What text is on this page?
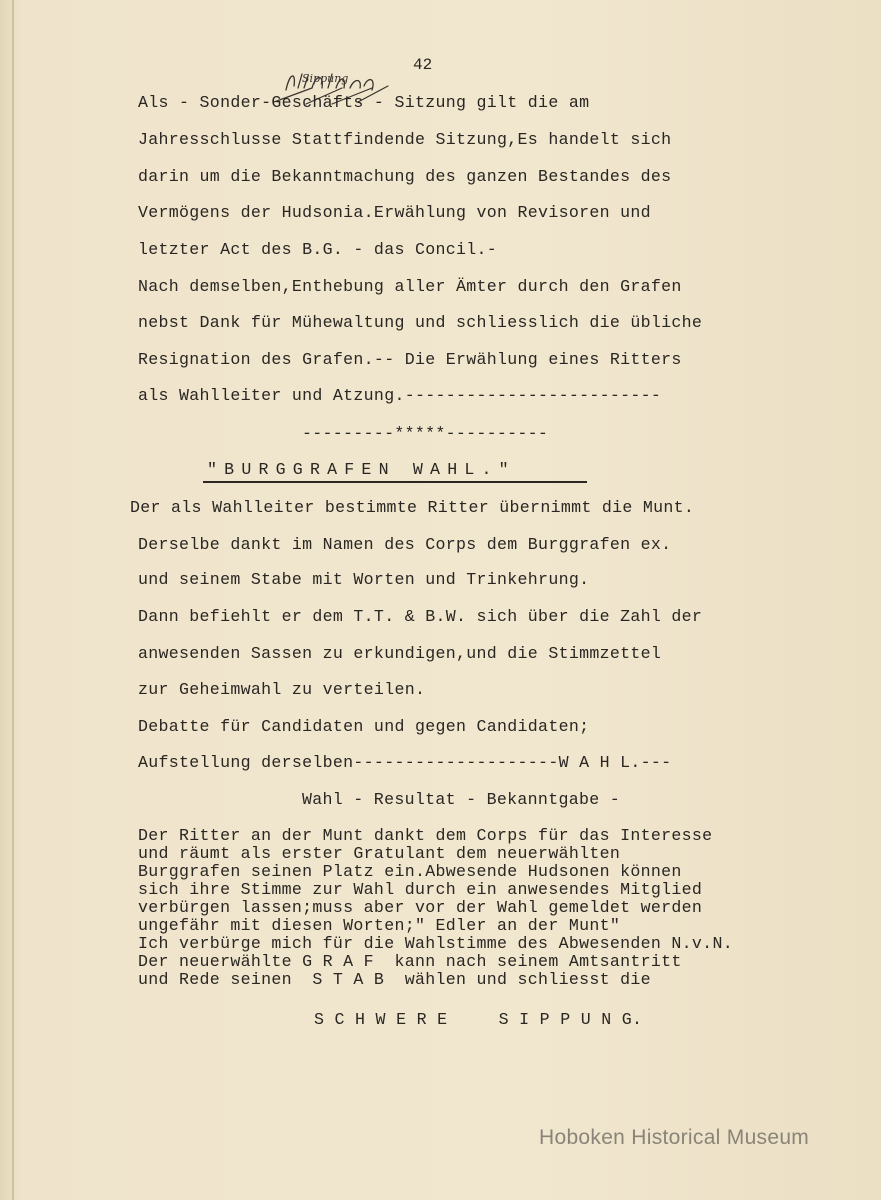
42
Sippung
Als - Sonder-Geschäfts - Sitzung gilt die am
Jahresschlusse Stattfindende Sitzung,Es handelt sich
darin um die Bekanntmachung des ganzen Bestandes des
Vermögens der Hudsonia.Erwählung von Revisoren und
letzter Act des B.G. - das Concil.-
Nach demselben,Enthebung aller Ämter durch den Grafen
nebst Dank für Mühewaltung und schliesslich die übliche
Resignation des Grafen.-- Die Erwählung eines Ritters
als Wahlleiter und Atzung.-------------------------
---------*****----------
"BURGGRAFEN WAHL."
Der als Wahlleiter bestimmte Ritter übernimmt die Munt.
Derselbe dankt im Namen des Corps dem Burggrafen ex.
und seinem Stabe mit Worten und Trinkehrung.
Dann befiehlt er dem T.T. & B.W. sich über die Zahl der
anwesenden Sassen zu erkundigen,und die Stimmzettel
zur Geheimwahl zu verteilen.
Debatte für Candidaten und gegen Candidaten;
Aufstellung derselben--------------------W A H L.---
Wahl - Resultat - Bekanntgabe -
Der Ritter an der Munt dankt dem Corps für das Interesse
und räumt als erster Gratulant dem neuerwählten
Burggrafen seinen Platz ein.Abwesende Hudsonen können
sich ihre Stimme zur Wahl durch ein anwesendes Mitglied
verbürgen lassen;muss aber vor der Wahl gemeldet werden
ungefähr mit diesen Worten;" Edler an der Munt"
Ich verbürge mich für die Wahlstimme des Abwesenden N.v.N.
Der neuerwählte G R A F  kann nach seinem Amtsantritt
und Rede seinen  S T A B  wählen und schliesst die
S C H W E R E     S I P P U N G.
Hoboken Historical Museum
